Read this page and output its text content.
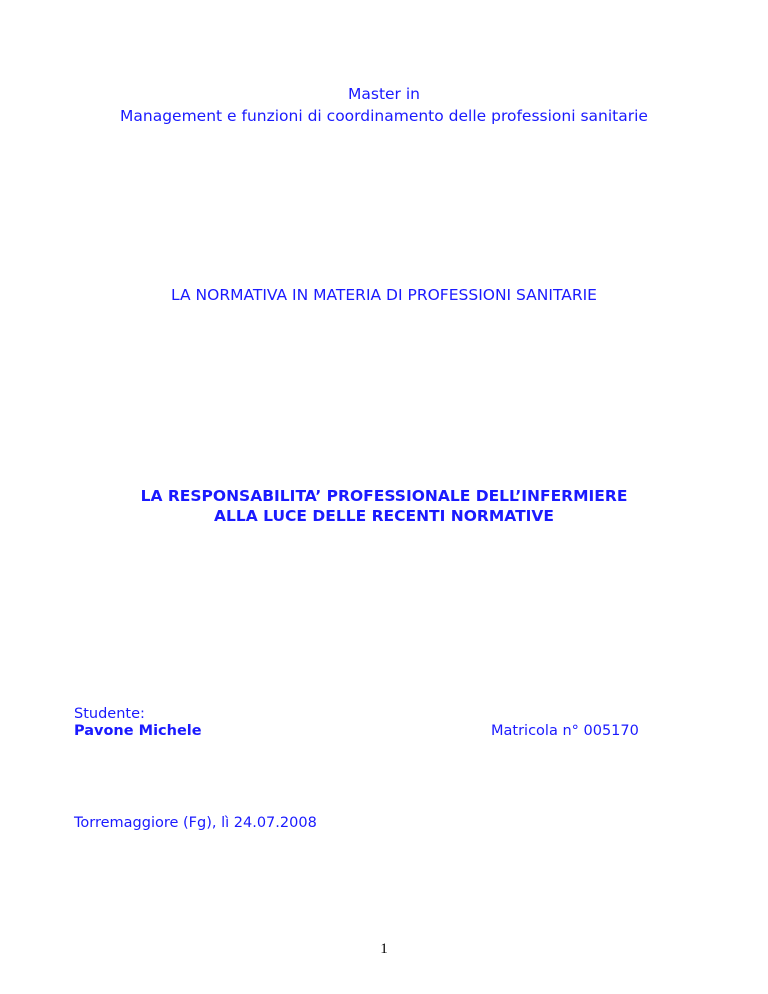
Master in
Management e funzioni di coordinamento delle professioni sanitarie
LA NORMATIVA IN MATERIA DI PROFESSIONI SANITARIE
LA RESPONSABILITA’ PROFESSIONALE DELL’INFERMIERE
ALLA LUCE DELLE RECENTI NORMATIVE
Studente:
Pavone Michele	Matricola n° 005170
Torremaggiore (Fg), lì 24.07.2008
1
